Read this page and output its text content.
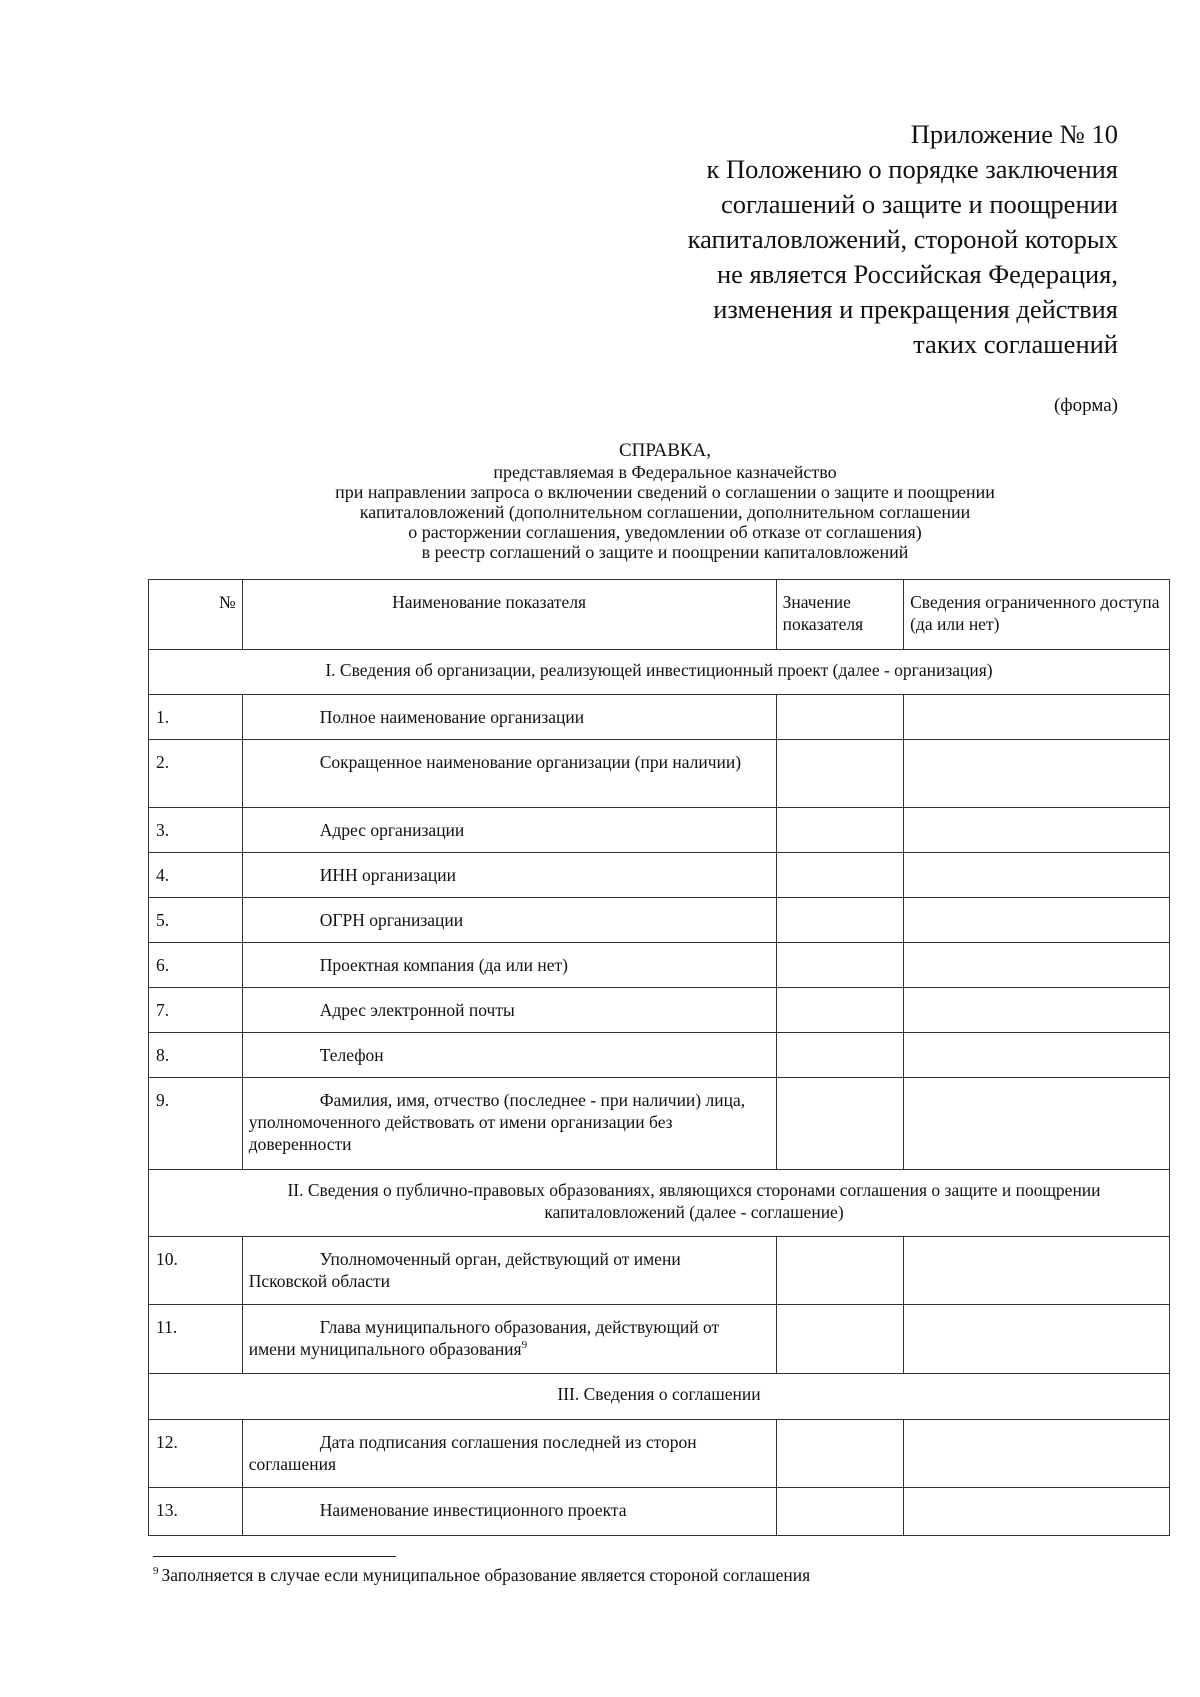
Приложение № 10
к Положению о порядке заключения
соглашений о защите и поощрении
капиталовложений, стороной которых
не является Российская Федерация,
изменения и прекращения действия
таких соглашений
(форма)
СПРАВКА,
представляемая в Федеральное казначейство
при направлении запроса о включении сведений о соглашении о защите и поощрении
капиталовложений (дополнительном соглашении, дополнительном соглашении
о расторжении соглашения, уведомлении об отказе от соглашения)
в реестр соглашений о защите и поощрении капиталовложений
№	Наименование показателя	Значение показателя	Сведения ограниченного доступа (да или нет)
I. Сведения об организации, реализующей инвестиционный проект (далее - организация)			
1.	Полное наименование организации		
2.	Сокращенное наименование организации (при наличии)		
3.	Адрес организации		
4.	ИНН организации		
5.	ОГРН организации		
6.	Проектная компания (да или нет)		
7.	Адрес электронной почты		
8.	Телефон		
9.	Фамилия, имя, отчество (последнее - при наличии) лица, уполномоченного действовать от имени организации без доверенности		
II. Сведения о публично-правовых образованиях, являющихся сторонами соглашения о защите и поощрении капиталовложений (далее - соглашение)			
10.	Уполномоченный орган, действующий от имени Псковской области		
11.	Глава муниципального образования, действующий от имени муниципального образования$^9$		
III. Сведения о соглашении			
12.	Дата подписания соглашения последней из сторон соглашения		
13.	Наименование инвестиционного проекта		
$^9$ Заполняется в случае если муниципальное образование является стороной соглашения
